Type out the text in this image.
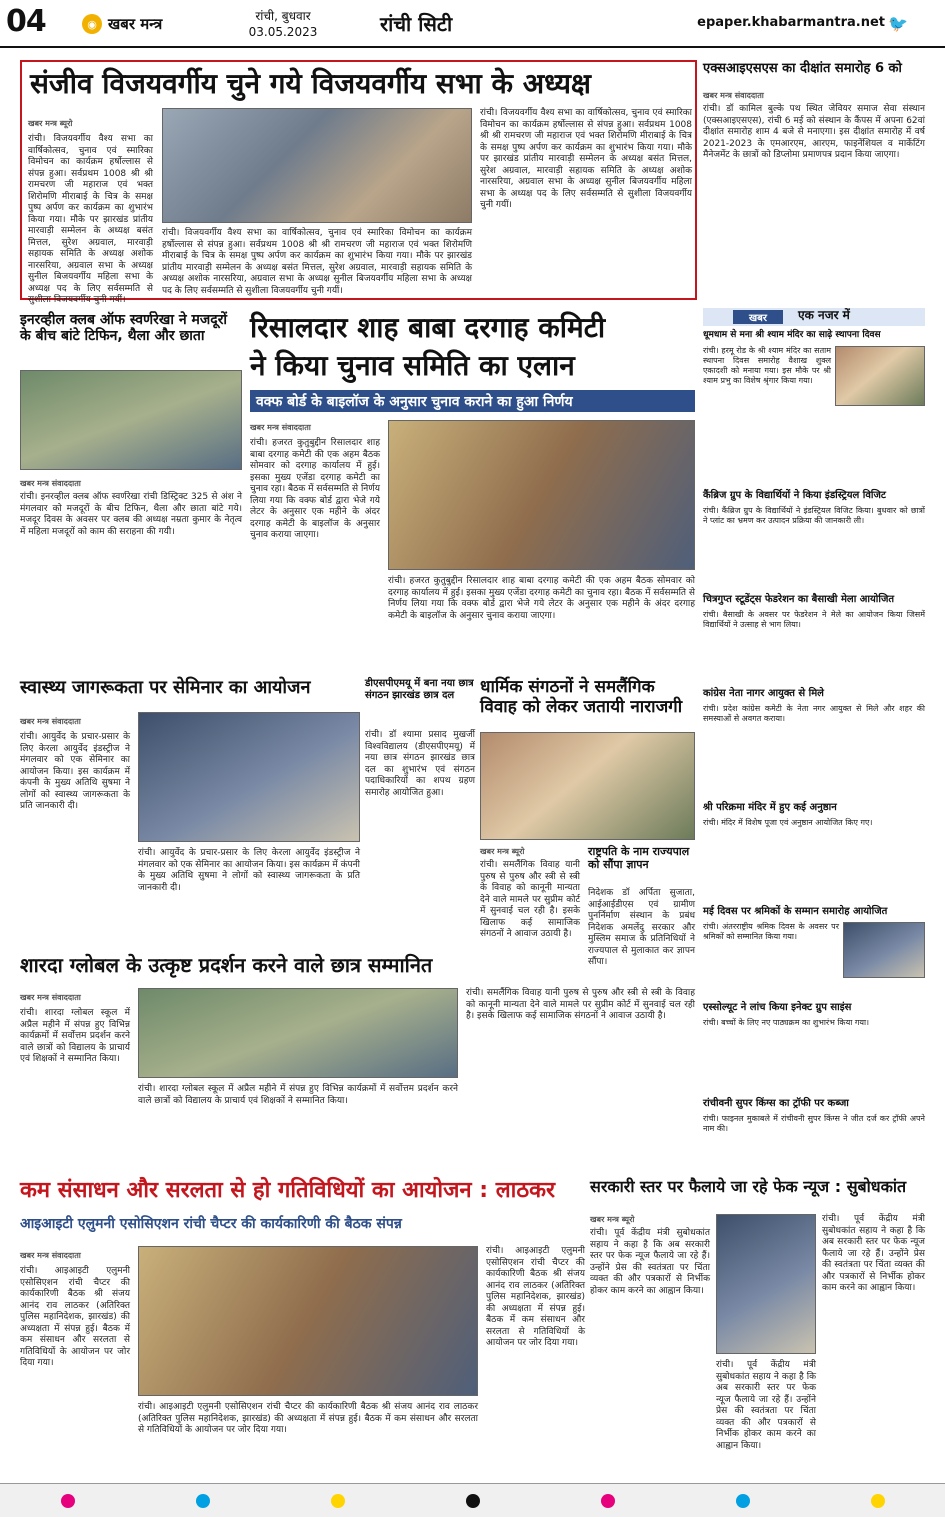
04	◉ खबर मन्त्र	रांची, बुधवार
03.05.2023	रांची सिटी	epaper.khabarmantra.net 🐦
संजीव विजयवर्गीय चुने गये विजयवर्गीय सभा के अध्यक्ष
खबर मन्त्र ब्यूरो
रांची। विजयवर्गीय वैश्य सभा का वार्षिकोत्सव, चुनाव एवं स्मारिका विमोचन का कार्यक्रम हर्षोल्लास से संपन्न हुआ। सर्वप्रथम 1008 श्री श्री रामचरण जी महाराज एवं भक्त शिरोमणि मीराबाई के चित्र के समक्ष पुष्प अर्पण कर कार्यक्रम का शुभारंभ किया गया। मौके पर झारखंड प्रांतीय मारवाड़ी सम्मेलन के अध्यक्ष बसंत मित्तल, सुरेश अग्रवाल, मारवाड़ी सहायक समिति के अध्यक्ष अशोक नारसरिया, अग्रवाल सभा के अध्यक्ष सुनील बिजयवर्गीय महिला सभा के अध्यक्ष पद के लिए सर्वसम्मति से सुशीला विजयवर्गीय चुनी गयीं।
रांची। विजयवर्गीय वैश्य सभा का वार्षिकोत्सव, चुनाव एवं स्मारिका विमोचन का कार्यक्रम हर्षोल्लास से संपन्न हुआ। सर्वप्रथम 1008 श्री श्री रामचरण जी महाराज एवं भक्त शिरोमणि मीराबाई के चित्र के समक्ष पुष्प अर्पण कर कार्यक्रम का शुभारंभ किया गया। मौके पर झारखंड प्रांतीय मारवाड़ी सम्मेलन के अध्यक्ष बसंत मित्तल, सुरेश अग्रवाल, मारवाड़ी सहायक समिति के अध्यक्ष अशोक नारसरिया, अग्रवाल सभा के अध्यक्ष सुनील बिजयवर्गीय महिला सभा के अध्यक्ष पद के लिए सर्वसम्मति से सुशीला विजयवर्गीय चुनी गयीं।
रांची। विजयवर्गीय वैश्य सभा का वार्षिकोत्सव, चुनाव एवं स्मारिका विमोचन का कार्यक्रम हर्षोल्लास से संपन्न हुआ। सर्वप्रथम 1008 श्री श्री रामचरण जी महाराज एवं भक्त शिरोमणि मीराबाई के चित्र के समक्ष पुष्प अर्पण कर कार्यक्रम का शुभारंभ किया गया। मौके पर झारखंड प्रांतीय मारवाड़ी सम्मेलन के अध्यक्ष बसंत मित्तल, सुरेश अग्रवाल, मारवाड़ी सहायक समिति के अध्यक्ष अशोक नारसरिया, अग्रवाल सभा के अध्यक्ष सुनील बिजयवर्गीय महिला सभा के अध्यक्ष पद के लिए सर्वसम्मति से सुशीला विजयवर्गीय चुनी गयीं।
एक्सआइएसएस का दीक्षांत समारोह 6 को
खबर मन्त्र संवाददाता
रांची। डॉ कामिल बुल्के पथ स्थित जेवियर समाज सेवा संस्थान (एक्सआइएसएस), रांची 6 मई को संस्थान के कैंपस में अपना 62वां दीक्षांत समारोह शाम 4 बजे से मनाएगा। इस दीक्षांत समारोह में वर्ष 2021-2023 के एमआरएम, आरएम, फाइनेंशियल व मार्केटिंग मैनेजमेंट के छात्रों को डिप्लोमा प्रमाणपत्र प्रदान किया जाएगा।
खबर	एक नजर में
धूमधाम से मना श्री श्याम मंदिर का साढ़े स्थापना दिवस
रांची। हरमू रोड के श्री श्याम मंदिर का सताम स्थापना दिवस समारोह वैशाख शुक्ल एकादशी को मनाया गया। इस मौके पर श्री श्याम प्रभु का विशेष श्रृंगार किया गया।
कैंब्रिज ग्रुप के विद्यार्थियों ने किया इंडस्ट्रियल विजिट
रांची। कैंब्रिज ग्रुप के विद्यार्थियों ने इंडस्ट्रियल विजिट किया। बुधवार को छात्रों ने प्लांट का भ्रमण कर उत्पादन प्रक्रिया की जानकारी ली।
चित्रगुप्त स्टूडेंट्स फेडरेशन का बैसाखी मेला आयोजित
रांची। बैसाखी के अवसर पर फेडरेशन ने मेले का आयोजन किया जिसमें विद्यार्थियों ने उत्साह से भाग लिया।
कांग्रेस नेता नागर आयुक्त से मिले
रांची। प्रदेश कांग्रेस कमेटी के नेता नगर आयुक्त से मिले और शहर की समस्याओं से अवगत कराया।
श्री परिक्रमा मंदिर में हुए कई अनुष्ठान
रांची। मंदिर में विशेष पूजा एवं अनुष्ठान आयोजित किए गए।
मई दिवस पर श्रमिकों के सम्मान समारोह आयोजित
रांची। अंतरराष्ट्रीय श्रमिक दिवस के अवसर पर श्रमिकों को सम्मानित किया गया।
एस्सोल्यूट ने लांच किया इनेक्ट ग्रुप साइंस
रांची। बच्चों के लिए नए पाठ्यक्रम का शुभारंभ किया गया।
रांचीवनी सुपर किंग्स का ट्रॉफी पर कब्जा
रांची। फाइनल मुकाबले में रांचीवनी सुपर किंग्स ने जीत दर्ज कर ट्रॉफी अपने नाम की।
इनरव्हील क्लब ऑफ स्वर्णरेखा ने मजदूरों के बीच बांटे टिफिन, थैला और छाता
खबर मन्त्र संवाददाता
रांची। इनरव्हील क्लब ऑफ स्वर्णरेखा रांची डिस्ट्रिक्ट 325 से अंश ने मंगलवार को मजदूरों के बीच टिफिन, थैला और छाता बांटे गये। मजदूर दिवस के अवसर पर क्लब की अध्यक्ष नम्रता कुमार के नेतृत्व में महिला मजदूरों को काम की सराहना की गयी।
रिसालदार शाह बाबा दरगाह कमिटी
ने किया चुनाव समिति का एलान
वक्फ बोर्ड के बाइलॉज के अनुसार चुनाव कराने का हुआ निर्णय
खबर मन्त्र संवाददाता
रांची। हजरत कुतुबुद्दीन रिसालदार शाह बाबा दरगाह कमेटी की एक अहम बैठक सोमवार को दरगाह कार्यालय में हुई। इसका मुख्य एजेंडा दरगाह कमेटी का चुनाव रहा। बैठक में सर्वसम्मति से निर्णय लिया गया कि वक्फ बोर्ड द्वारा भेजे गये लेटर के अनुसार एक महीने के अंदर दरगाह कमेटी के बाइलॉज के अनुसार चुनाव कराया जाएगा।
रांची। हजरत कुतुबुद्दीन रिसालदार शाह बाबा दरगाह कमेटी की एक अहम बैठक सोमवार को दरगाह कार्यालय में हुई। इसका मुख्य एजेंडा दरगाह कमेटी का चुनाव रहा। बैठक में सर्वसम्मति से निर्णय लिया गया कि वक्फ बोर्ड द्वारा भेजे गये लेटर के अनुसार एक महीने के अंदर दरगाह कमेटी के बाइलॉज के अनुसार चुनाव कराया जाएगा।
स्वास्थ्य जागरूकता पर सेमिनार का आयोजन
खबर मन्त्र संवाददाता
रांची। आयुर्वेद के प्रचार-प्रसार के लिए केरला आयुर्वेद इंडस्ट्रीज ने मंगलवार को एक सेमिनार का आयोजन किया। इस कार्यक्रम में कंपनी के मुख्य अतिथि सुषमा ने लोगों को स्वास्थ्य जागरूकता के प्रति जानकारी दी।
रांची। आयुर्वेद के प्रचार-प्रसार के लिए केरला आयुर्वेद इंडस्ट्रीज ने मंगलवार को एक सेमिनार का आयोजन किया। इस कार्यक्रम में कंपनी के मुख्य अतिथि सुषमा ने लोगों को स्वास्थ्य जागरूकता के प्रति जानकारी दी।
डीएसपीएमयू में बना नया छात्र संगठन झारखंड छात्र दल
रांची। डॉ श्यामा प्रसाद मुखर्जी विश्वविद्यालय (डीएसपीएमयू) में नया छात्र संगठन झारखंड छात्र दल का शुभारंभ एवं संगठन पदाधिकारियों का शपथ ग्रहण समारोह आयोजित हुआ।
धार्मिक संगठनों ने समलैंगिक विवाह को लेकर जतायी नाराजगी
खबर मन्त्र ब्यूरो
रांची। समलैंगिक विवाह यानी पुरुष से पुरुष और स्त्री से स्त्री के विवाह को कानूनी मान्यता देने वाले मामले पर सुप्रीम कोर्ट में सुनवाई चल रही है। इसके खिलाफ कई सामाजिक संगठनों ने आवाज उठायी है।
राष्ट्रपति के नाम राज्यपाल को सौंपा ज्ञापन
निदेशक डॉ अर्पिता सुजाता, आईआईडीएस एवं ग्रामीण पुनर्निर्माण संस्थान के प्रबंध निदेशक अमलेंदु सरकार और मुस्लिम समाज के प्रतिनिधियों ने राज्यपाल से मुलाकात कर ज्ञापन सौंपा।
शारदा ग्लोबल के उत्कृष्ट प्रदर्शन करने वाले छात्र सम्मानित
खबर मन्त्र संवाददाता
रांची। शारदा ग्लोबल स्कूल में अप्रैल महीने में संपन्न हुए विभिन्न कार्यक्रमों में सर्वोत्तम प्रदर्शन करने वाले छात्रों को विद्यालय के प्राचार्य एवं शिक्षकों ने सम्मानित किया।
रांची। शारदा ग्लोबल स्कूल में अप्रैल महीने में संपन्न हुए विभिन्न कार्यक्रमों में सर्वोत्तम प्रदर्शन करने वाले छात्रों को विद्यालय के प्राचार्य एवं शिक्षकों ने सम्मानित किया।
रांची। समलैंगिक विवाह यानी पुरुष से पुरुष और स्त्री से स्त्री के विवाह को कानूनी मान्यता देने वाले मामले पर सुप्रीम कोर्ट में सुनवाई चल रही है। इसके खिलाफ कई सामाजिक संगठनों ने आवाज उठायी है।
कम संसाधन और सरलता से हो गतिविधियों का आयोजन : लाठकर
आइआइटी एलुमनी एसोसिएशन रांची चैप्टर की कार्यकारिणी की बैठक संपन्न
खबर मन्त्र संवाददाता
रांची। आइआइटी एलुमनी एसोसिएशन रांची चैप्टर की कार्यकारिणी बैठक श्री संजय आनंद राव लाठकर (अतिरिक्त पुलिस महानिदेशक, झारखंड) की अध्यक्षता में संपन्न हुई। बैठक में कम संसाधन और सरलता से गतिविधियों के आयोजन पर जोर दिया गया।
रांची। आइआइटी एलुमनी एसोसिएशन रांची चैप्टर की कार्यकारिणी बैठक श्री संजय आनंद राव लाठकर (अतिरिक्त पुलिस महानिदेशक, झारखंड) की अध्यक्षता में संपन्न हुई। बैठक में कम संसाधन और सरलता से गतिविधियों के आयोजन पर जोर दिया गया।
रांची। आइआइटी एलुमनी एसोसिएशन रांची चैप्टर की कार्यकारिणी बैठक श्री संजय आनंद राव लाठकर (अतिरिक्त पुलिस महानिदेशक, झारखंड) की अध्यक्षता में संपन्न हुई। बैठक में कम संसाधन और सरलता से गतिविधियों के आयोजन पर जोर दिया गया।
सरकारी स्तर पर फैलाये जा रहे फेक न्यूज : सुबोधकांत
खबर मन्त्र ब्यूरो
रांची। पूर्व केंद्रीय मंत्री सुबोधकांत सहाय ने कहा है कि अब सरकारी स्तर पर फेक न्यूज फैलाये जा रहे हैं। उन्होंने प्रेस की स्वतंत्रता पर चिंता व्यक्त की और पत्रकारों से निर्भीक होकर काम करने का आह्वान किया।
रांची। पूर्व केंद्रीय मंत्री सुबोधकांत सहाय ने कहा है कि अब सरकारी स्तर पर फेक न्यूज फैलाये जा रहे हैं। उन्होंने प्रेस की स्वतंत्रता पर चिंता व्यक्त की और पत्रकारों से निर्भीक होकर काम करने का आह्वान किया।
रांची। पूर्व केंद्रीय मंत्री सुबोधकांत सहाय ने कहा है कि अब सरकारी स्तर पर फेक न्यूज फैलाये जा रहे हैं। उन्होंने प्रेस की स्वतंत्रता पर चिंता व्यक्त की और पत्रकारों से निर्भीक होकर काम करने का आह्वान किया।
